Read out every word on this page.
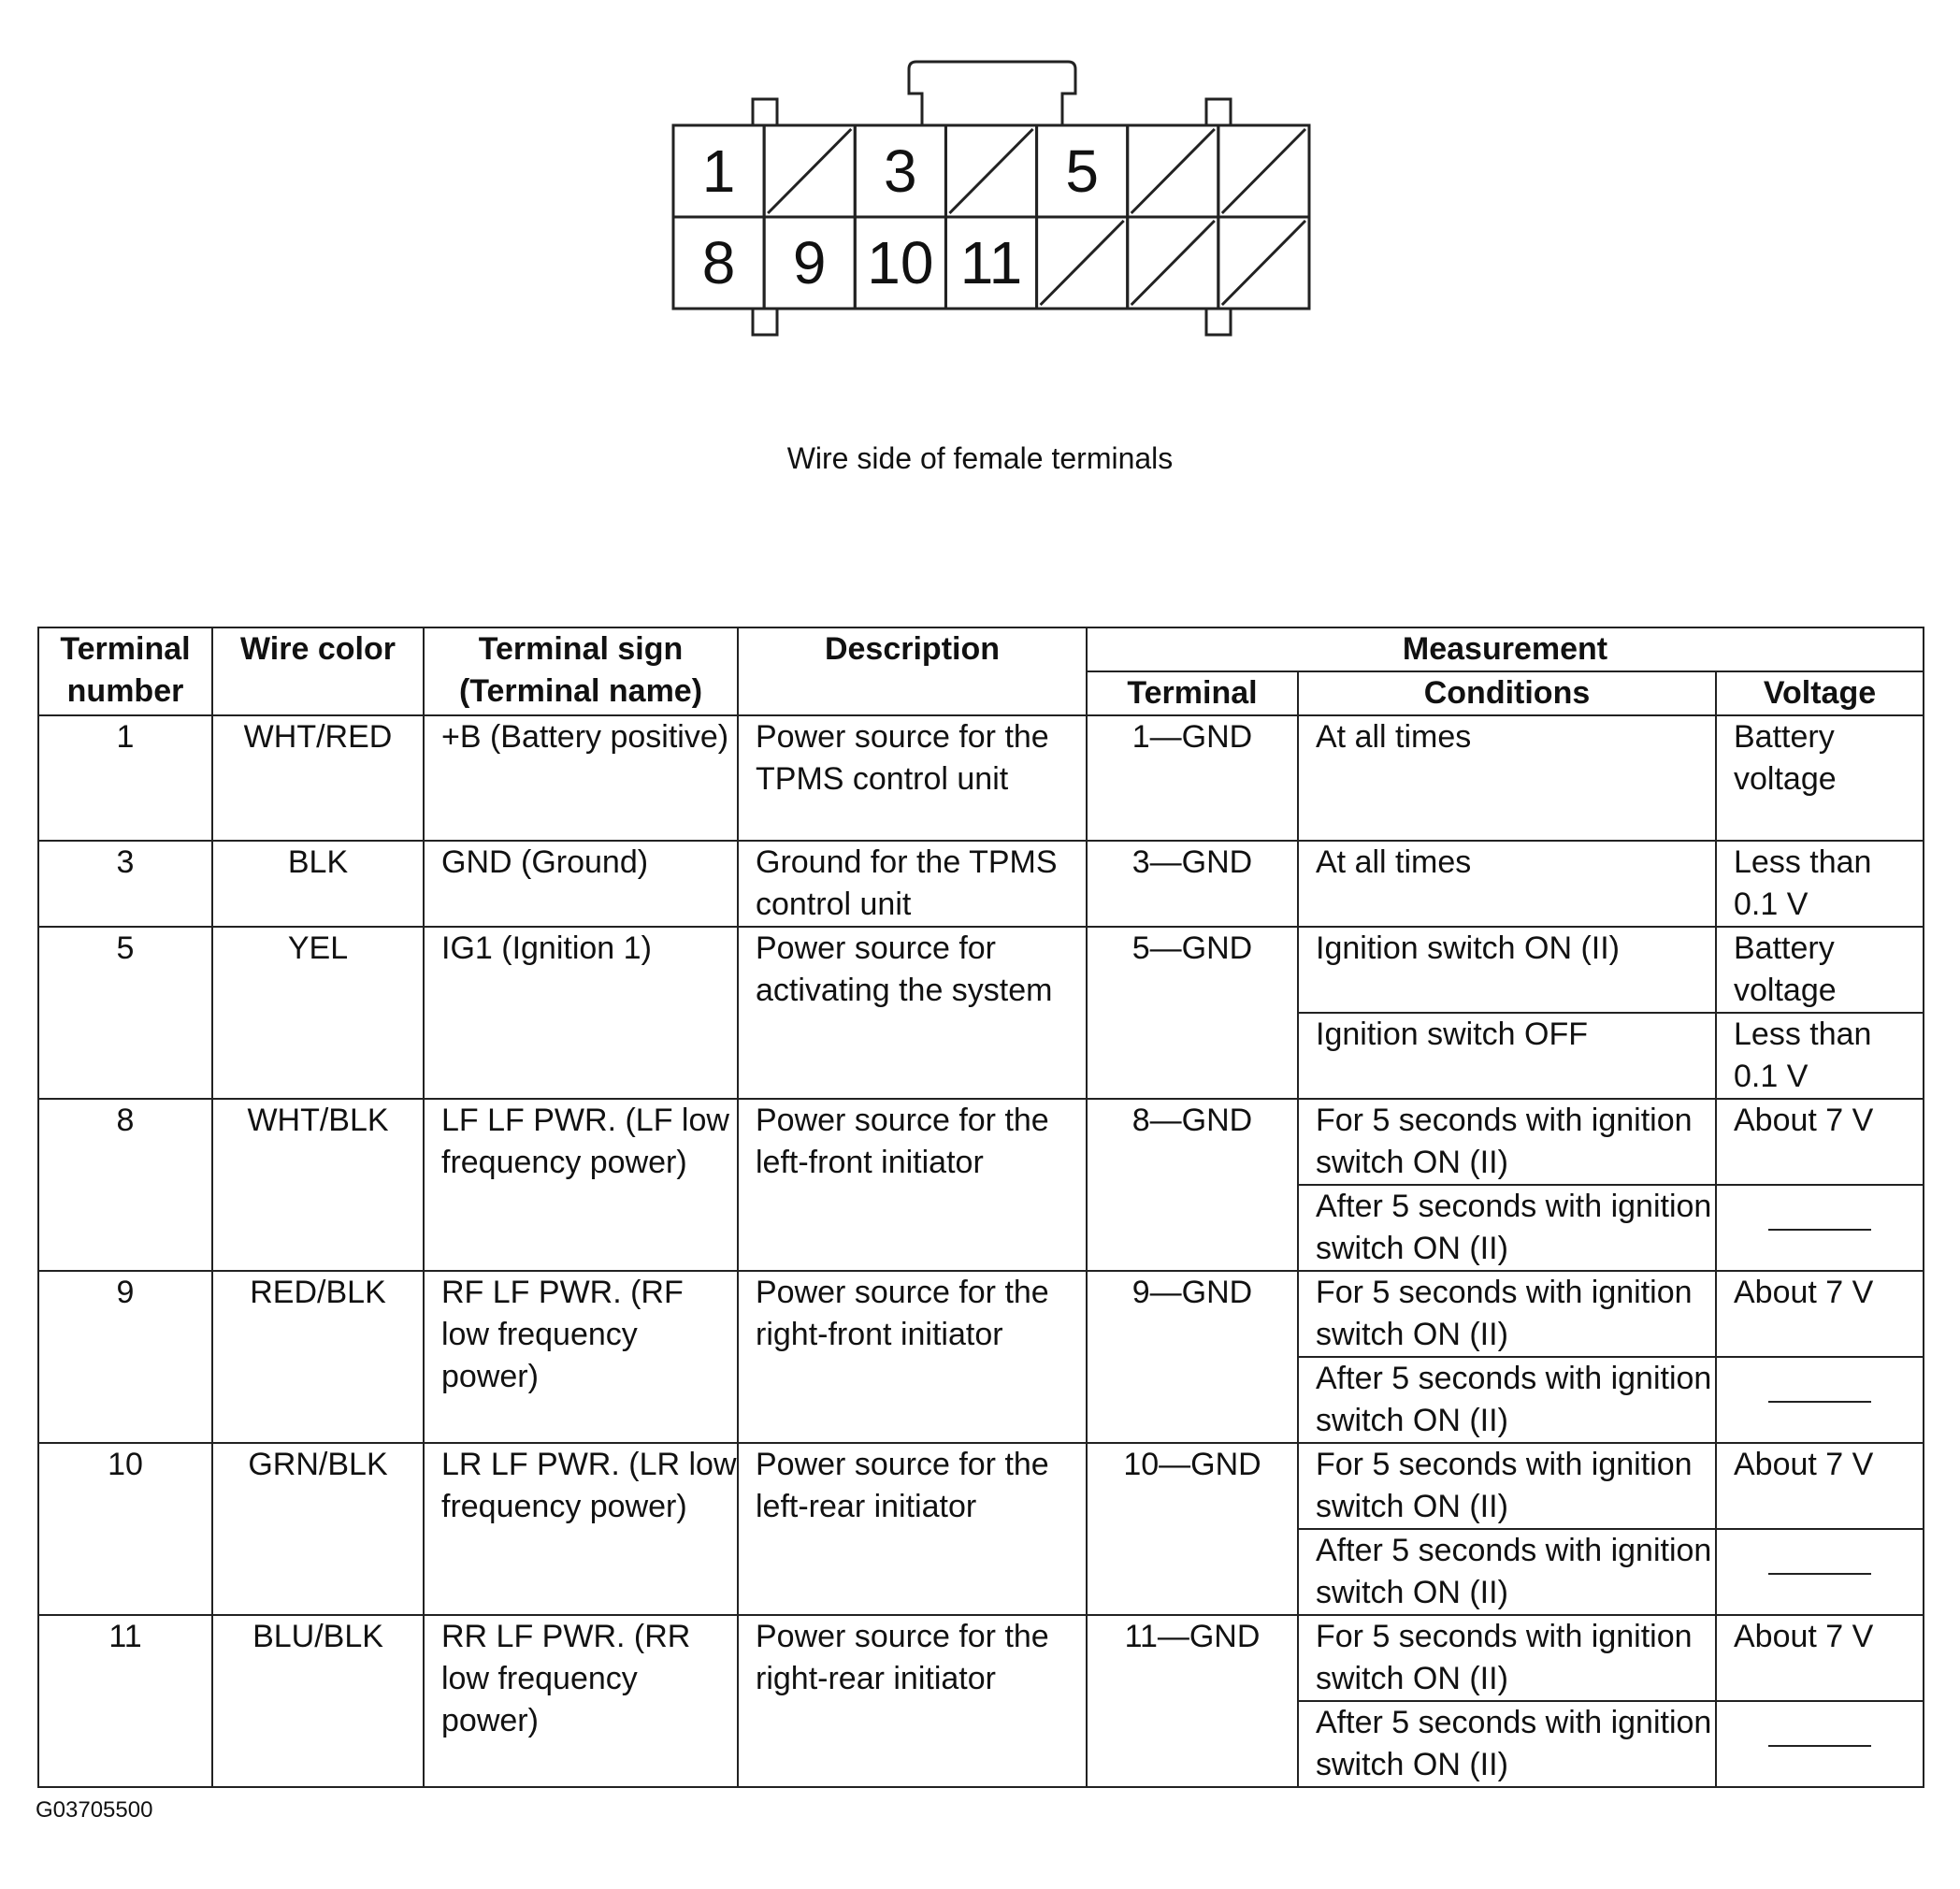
1 3 5
8 9 10 11
Wire side of female terminals
Terminal number	Wire color	Terminal sign (Terminal name)	Description	Measurement		
				Terminal	Conditions	Voltage
1	WHT/RED	+B (Battery positive)	Power source for the TPMS control unit	1—GND	At all times	Battery voltage
3	BLK	GND (Ground)	Ground for the TPMS control unit	3—GND	At all times	Less than 0.1 V
5	YEL	IG1 (Ignition 1)	Power source for activating the system	5—GND	Ignition switch ON (II)	Battery voltage
					Ignition switch OFF	Less than 0.1 V
8	WHT/BLK	LF LF PWR. (LF low frequency power)	Power source for the left-front initiator	8—GND	For 5 seconds with ignition switch ON (II)	About 7 V
					After 5 seconds with ignition switch ON (II)	
9	RED/BLK	RF LF PWR. (RF low frequency power)	Power source for the right-front initiator	9—GND	For 5 seconds with ignition switch ON (II)	About 7 V
					After 5 seconds with ignition switch ON (II)	
10	GRN/BLK	LR LF PWR. (LR low frequency power)	Power source for the left-rear initiator	10—GND	For 5 seconds with ignition switch ON (II)	About 7 V
					After 5 seconds with ignition switch ON (II)	
11	BLU/BLK	RR LF PWR. (RR low frequency power)	Power source for the right-rear initiator	11—GND	For 5 seconds with ignition switch ON (II)	About 7 V
					After 5 seconds with ignition switch ON (II)	
G03705500
